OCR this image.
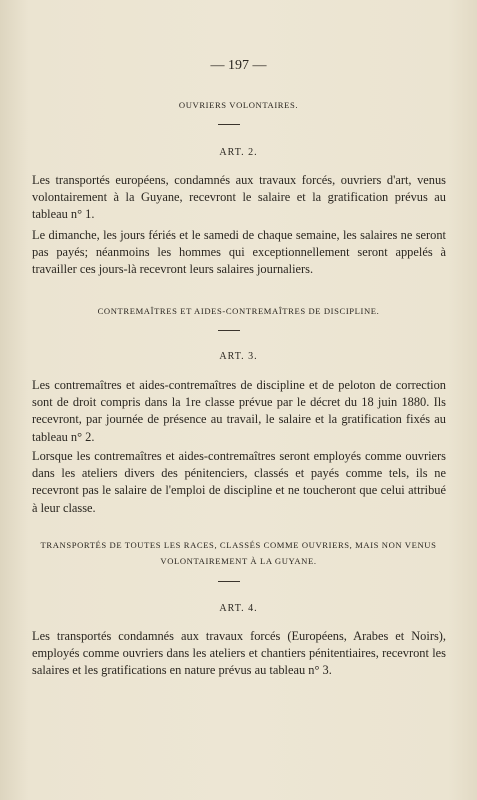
— 197 —
OUVRIERS VOLONTAIRES.
ART. 2.

Les transportés européens, condamnés aux travaux forcés, ouvriers d'art, venus volontairement à la Guyane, recevront le salaire et la gratification prévus au tableau n° 1.

Le dimanche, les jours fériés et le samedi de chaque semaine, les salaires ne seront pas payés; néanmoins les hommes qui exceptionnellement seront appelés à travailler ces jours-là recevront leurs salaires journaliers.

CONTREMAÎTRES ET AIDES-CONTREMAÎTRES DE DISCIPLINE.
ART. 3.

Les contremaîtres et aides-contremaîtres de discipline et de peloton de correction sont de droit compris dans la 1re classe prévue par le décret du 18 juin 1880. Ils recevront, par journée de présence au travail, le salaire et la gratification fixés au tableau n° 2.

Lorsque les contremaîtres et aides-contremaîtres seront employés comme ouvriers dans les ateliers divers des pénitenciers, classés et payés comme tels, ils ne recevront pas le salaire de l'emploi de discipline et ne toucheront que celui attribué à leur classe.

TRANSPORTÉS DE TOUTES LES RACES, CLASSÉS COMME OUVRIERS, MAIS NON VENUS
VOLONTAIREMENT À LA GUYANE.
ART. 4.

Les transportés condamnés aux travaux forcés (Européens, Arabes et Noirs), employés comme ouvriers dans les ateliers et chantiers pénitentiaires, recevront les salaires et les gratifications en nature prévus au tableau n° 3.
